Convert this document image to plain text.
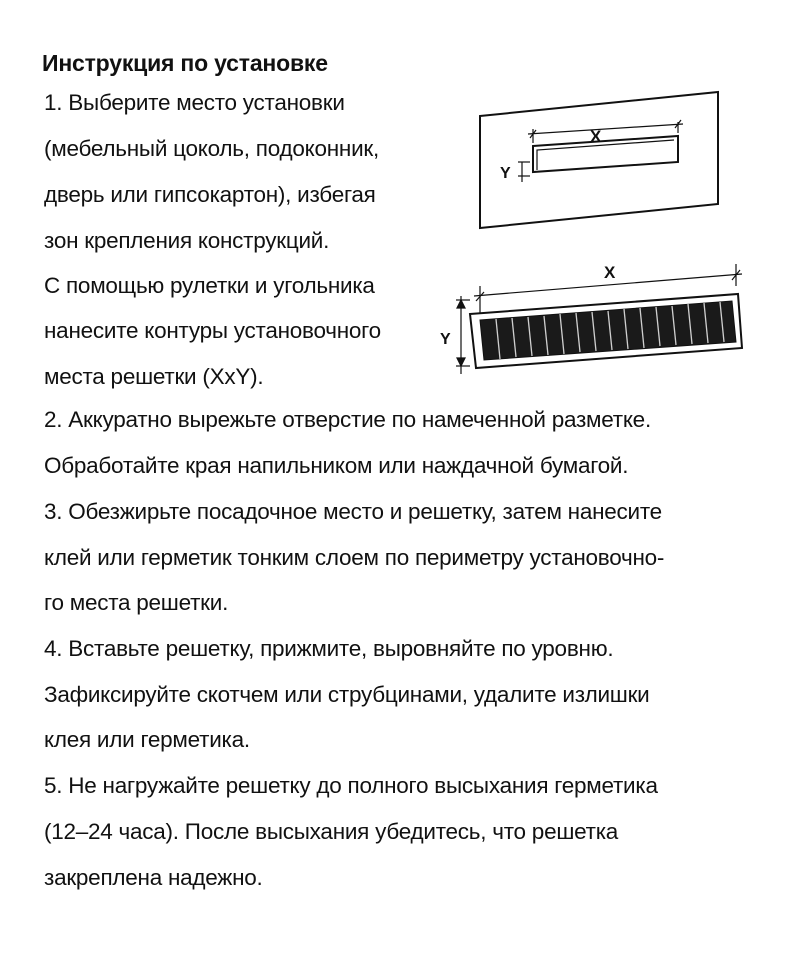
Инструкция по установке
1. Выберите место установки
(мебельный цоколь, подоконник,
дверь или гипсокартон), избегая
зон крепления конструкций.
С помощью рулетки и угольника
нанесите контуры установочного
места решетки (XxY).
2. Аккуратно вырежьте отверстие по намеченной разметке.
Обработайте края напильником или наждачной бумагой.
3. Обезжирьте посадочное место и решетку, затем нанесите
клей или герметик тонким слоем по периметру установочно-
го места решетки.
4. Вставьте решетку, прижмите, выровняйте по уровню.
Зафиксируйте скотчем или струбцинами, удалите излишки
клея или герметика.
5. Не нагружайте решетку до полного высыхания герметика
(12–24 часа). После высыхания убедитесь, что решетка
закреплена надежно.
X
Y
X
Y
